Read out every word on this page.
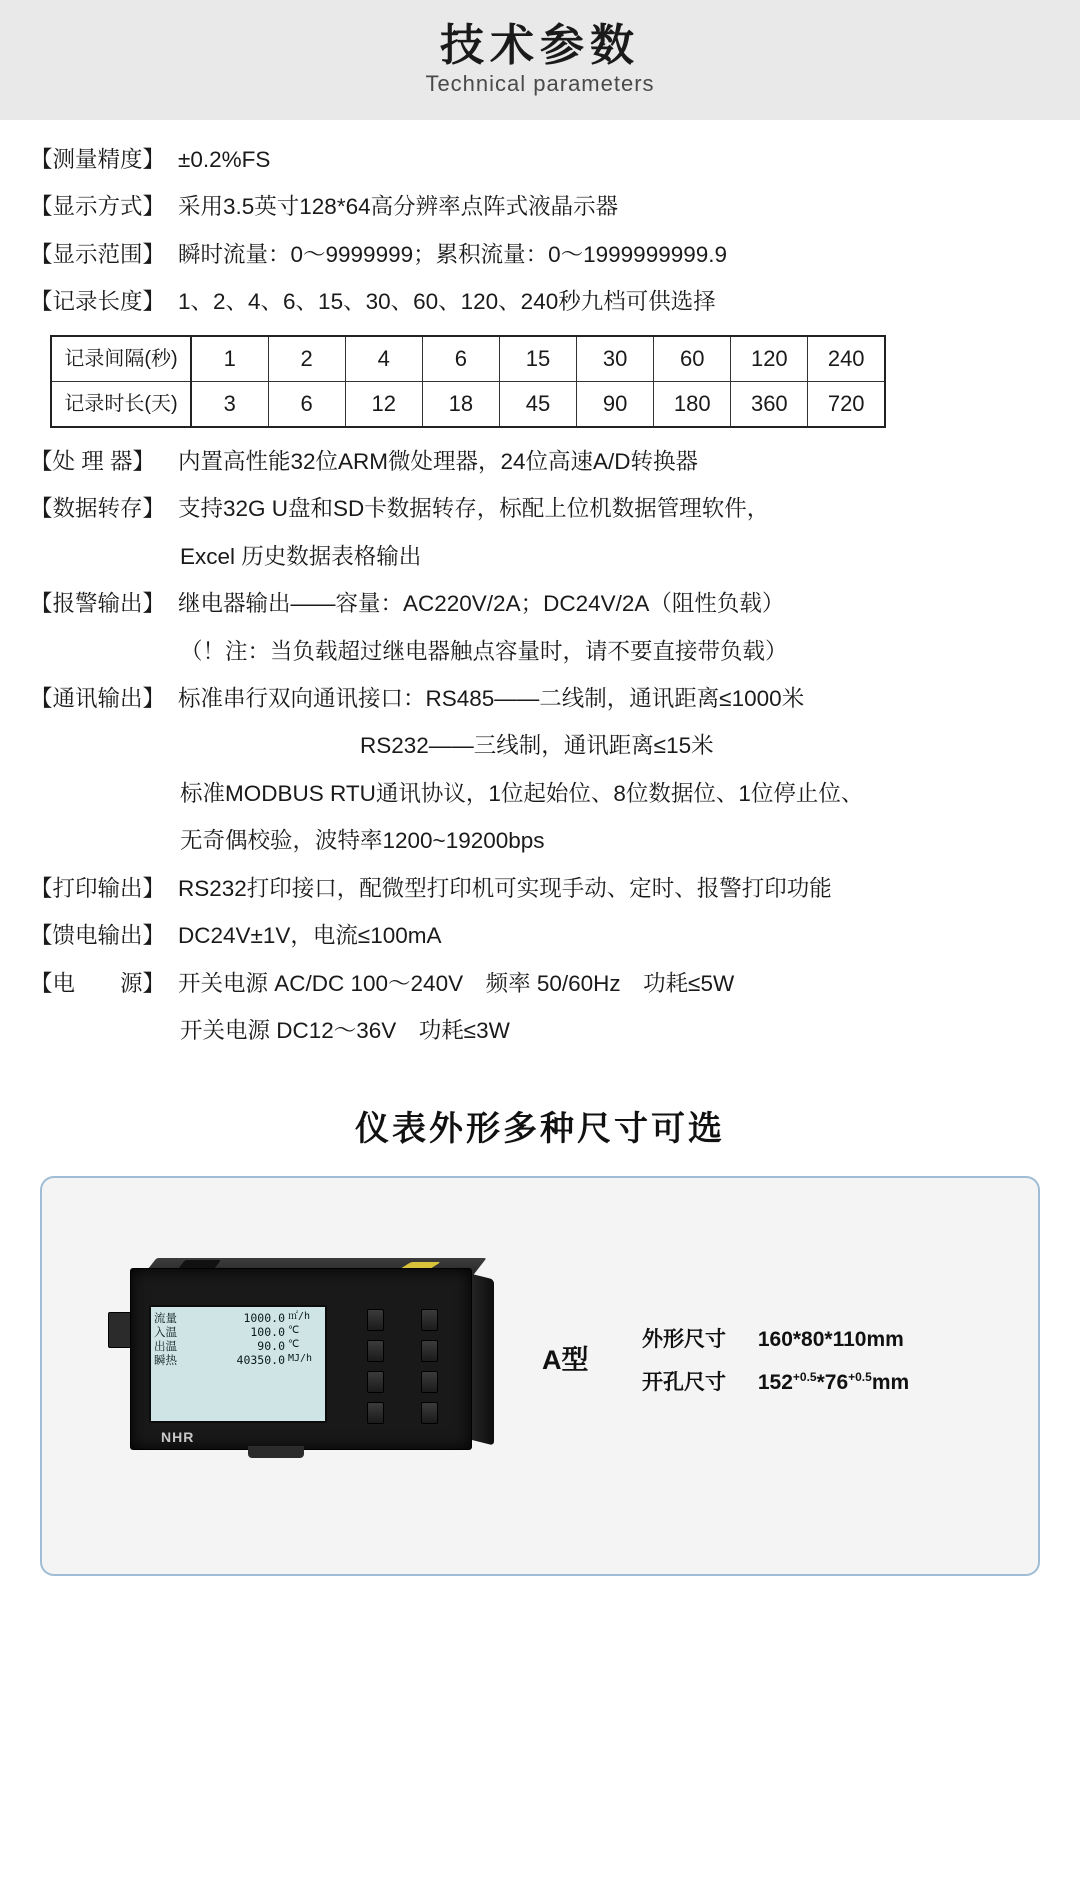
技术参数
Technical parameters
【测量精度】 ±0.2%FS
【显示方式】 采用3.5英寸128*64高分辨率点阵式液晶示器
【显示范围】 瞬时流量：0～9999999；累积流量：0～1999999999.9
【记录长度】 1、2、4、6、15、30、60、120、240秒九档可供选择
记录间隔(秒)	1	2	4	6	15	30	60	120	240
记录时长(天)	3	6	12	18	45	90	180	360	720
【处 理 器】	内置高性能32位ARM微处理器，24位高速A/D转换器
【数据转存】 支持32G U盘和SD卡数据转存，标配上位机数据管理软件，
Excel 历史数据表格输出
【报警输出】 继电器输出——容量：AC220V/2A；DC24V/2A（阻性负载）
（！注：当负载超过继电器触点容量时，请不要直接带负载）
【通讯输出】 标准串行双向通讯接口：RS485——二线制，通讯距离≤1000米
RS232——三线制，通讯距离≤15米
标准MODBUS RTU通讯协议，1位起始位、8位数据位、1位停止位、
无奇偶校验，波特率1200~19200bps
【打印输出】 RS232打印接口，配微型打印机可实现手动、定时、报警打印功能
【馈电输出】 DC24V±1V，电流≤100mA
【电　　源】 开关电源 AC/DC 100～240V　频率 50/60Hz　功耗≤5W
开关电源 DC12～36V　功耗≤3W
仪表外形多种尺寸可选
流量	1000.0 ㎡/h
入温	100.0 ℃
出温	90.0 ℃
瞬热	40350.0 MJ/h
NHR
A型
外形尺寸 160*80*110mm
开孔尺寸 $152^{+0.5}*76^{+0.5}mm$
